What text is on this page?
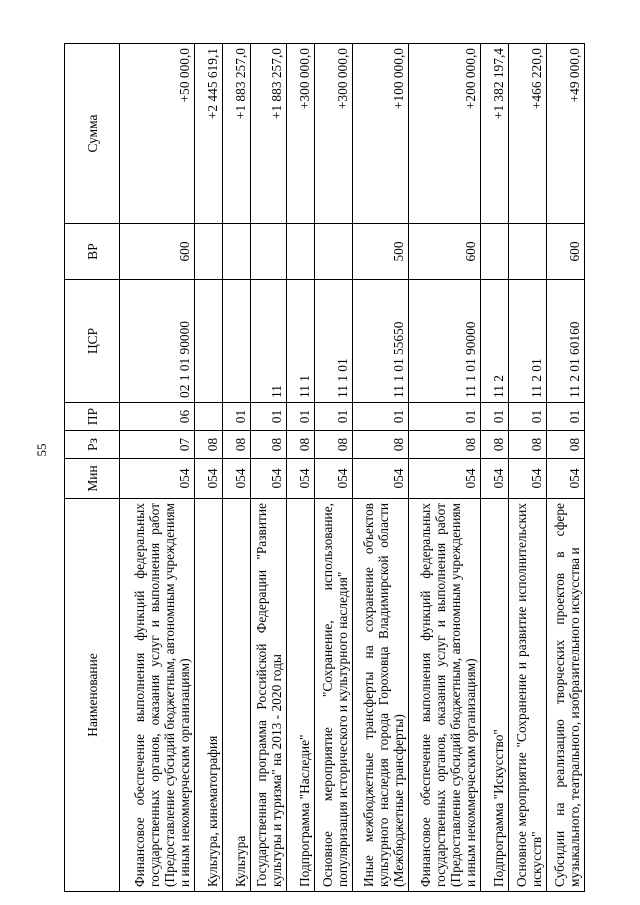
55
Наименование	Мин	Рз	ПР	ЦСР	ВР	Сумма
Финансовое обеспечение выполнения функций федеральных государственных органов, оказания услуг и выполнения работ (Предоставление субсидий бюджетным, автономным учреждениям и иным некоммерческим организациям)	054	07	06	02 1 01 90000	600	+50 000,0
Культура, кинематография	054	08				+2 445 619,1
Культура	054	08	01			+1 883 257,0
Государственная программа Российской Федерации "Развитие культуры и туризма" на 2013 - 2020 годы	054	08	01	11		+1 883 257,0
Подпрограмма "Наследие"	054	08	01	11 1		+300 000,0
Основное мероприятие "Сохранение, использование, популяризация исторического и культурного наследия"	054	08	01	11 1 01		+300 000,0
Иные межбюджетные трансферты на сохранение объектов культурного наследия города Гороховца Владимирской области (Межбюджетные трансферты)	054	08	01	11 1 01 55650	500	+100 000,0
Финансовое обеспечение выполнения функций федеральных государственных органов, оказания услуг и выполнения работ (Предоставление субсидий бюджетным, автономным учреждениям и иным некоммерческим организациям)	054	08	01	11 1 01 90000	600	+200 000,0
Подпрограмма "Искусство"	054	08	01	11 2		+1 382 197,4
Основное мероприятие "Сохранение и развитие исполнительских искусств"	054	08	01	11 2 01		+466 220,0
Субсидии на реализацию творческих проектов в сфере музыкального, театрального, изобразительного искусства и	054	08	01	11 2 01 60160	600	+49 000,0
